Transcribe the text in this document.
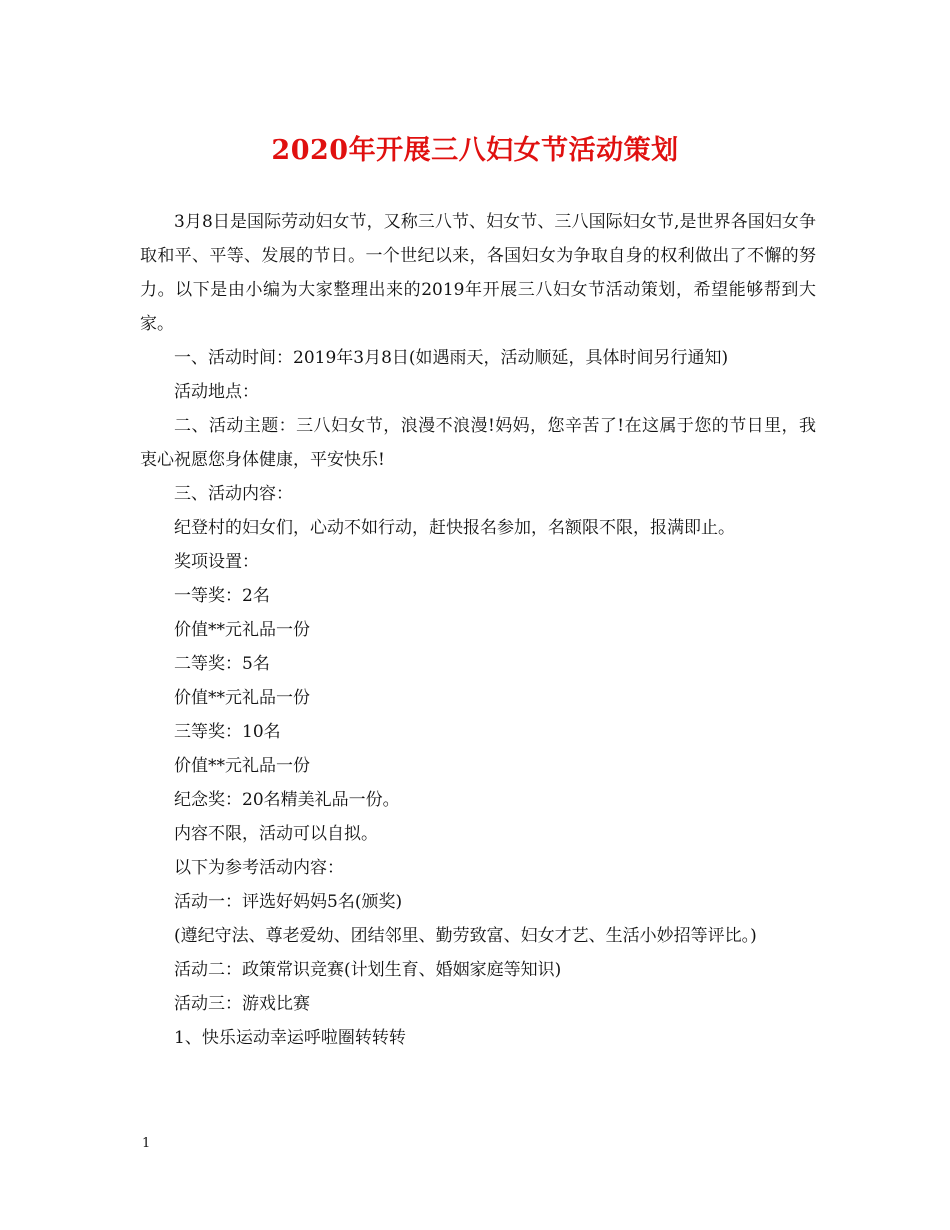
2020年开展三八妇女节活动策划

3月8日是国际劳动妇女节，又称三八节、妇女节、三八国际妇女节,是世界各国妇女争取和平、平等、发展的节日。一个世纪以来，各国妇女为争取自身的权利做出了不懈的努力。以下是由小编为大家整理出来的2019年开展三八妇女节活动策划，希望能够帮到大家。

一、活动时间：2019年3月8日(如遇雨天，活动顺延，具体时间另行通知)

活动地点：

二、活动主题：三八妇女节，浪漫不浪漫!妈妈，您辛苦了!在这属于您的节日里，我衷心祝愿您身体健康，平安快乐!

三、活动内容：

纪登村的妇女们，心动不如行动，赶快报名参加，名额限不限，报满即止。

奖项设置：

一等奖：2名

价值**元礼品一份

二等奖：5名

价值**元礼品一份

三等奖：10名

价值**元礼品一份

纪念奖：20名精美礼品一份。

内容不限，活动可以自拟。

以下为参考活动内容：

活动一：评选好妈妈5名(颁奖)

(遵纪守法、尊老爱幼、团结邻里、勤劳致富、妇女才艺、生活小妙招等评比。)

活动二：政策常识竞赛(计划生育、婚姻家庭等知识)

活动三：游戏比赛

1、快乐运动幸运呼啦圈转转转

1
